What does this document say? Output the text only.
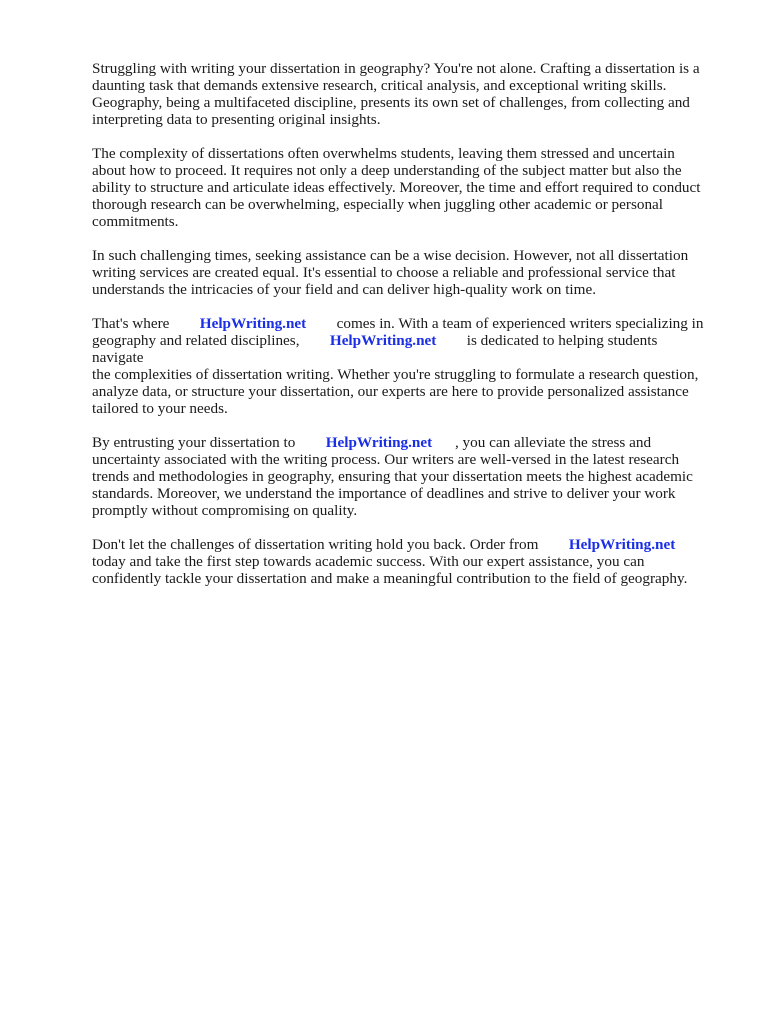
Struggling with writing your dissertation in geography? You're not alone. Crafting a dissertation is a
daunting task that demands extensive research, critical analysis, and exceptional writing skills.
Geography, being a multifaceted discipline, presents its own set of challenges, from collecting and
interpreting data to presenting original insights.

The complexity of dissertations often overwhelms students, leaving them stressed and uncertain
about how to proceed. It requires not only a deep understanding of the subject matter but also the
ability to structure and articulate ideas effectively. Moreover, the time and effort required to conduct
thorough research can be overwhelming, especially when juggling other academic or personal
commitments.

In such challenging times, seeking assistance can be a wise decision. However, not all dissertation
writing services are created equal. It's essential to choose a reliable and professional service that
understands the intricacies of your field and can deliver high-quality work on time.

That's where HelpWriting.net comes in. With a team of experienced writers specializing in
geography and related disciplines, HelpWriting.net is dedicated to helping students navigate
the complexities of dissertation writing. Whether you're struggling to formulate a research question,
analyze data, or structure your dissertation, our experts are here to provide personalized assistance
tailored to your needs.

By entrusting your dissertation to HelpWriting.net , you can alleviate the stress and
uncertainty associated with the writing process. Our writers are well-versed in the latest research
trends and methodologies in geography, ensuring that your dissertation meets the highest academic
standards. Moreover, we understand the importance of deadlines and strive to deliver your work
promptly without compromising on quality.

Don't let the challenges of dissertation writing hold you back. Order from HelpWriting.net
today and take the first step towards academic success. With our expert assistance, you can
confidently tackle your dissertation and make a meaningful contribution to the field of geography.
